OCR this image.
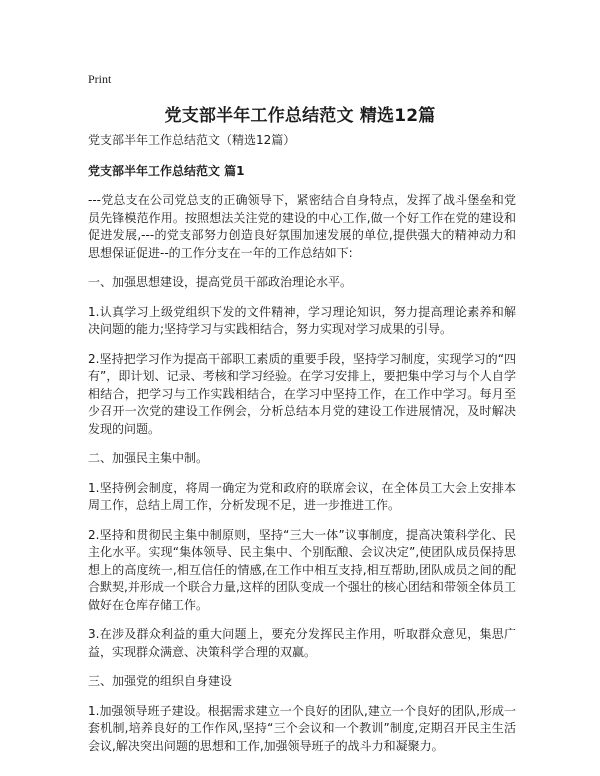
Print
党支部半年工作总结范文 精选12篇

党支部半年工作总结范文（精选12篇）

党支部半年工作总结范文 篇1

---党总支在公司党总支的正确领导下，紧密结合自身特点，发挥了战斗堡垒和党员先锋模范作用。按照想法关注党的建设的中心工作,做一个好工作在党的建设和促进发展,---的党支部努力创造良好氛围加速发展的单位,提供强大的精神动力和思想保证促进--的工作分支在一年的工作总结如下:

一、加强思想建设，提高党员干部政治理论水平。

1.认真学习上级党组织下发的文件精神，学习理论知识，努力提高理论素养和解决问题的能力;坚持学习与实践相结合，努力实现对学习成果的引导。

2.坚持把学习作为提高干部职工素质的重要手段，坚持学习制度，实现学习的“四有”，即计划、记录、考核和学习经验。在学习安排上，要把集中学习与个人自学相结合，把学习与工作实践相结合，在学习中坚持工作，在工作中学习。每月至少召开一次党的建设工作例会，分析总结本月党的建设工作进展情况，及时解决发现的问题。

二、加强民主集中制。

1.坚持例会制度，将周一确定为党和政府的联席会议，在全体员工大会上安排本周工作，总结上周工作，分析发现不足，进一步推进工作。

2.坚持和贯彻民主集中制原则，坚持“三大一体”议事制度，提高决策科学化、民主化水平。实现“集体领导、民主集中、个别酝酿、会议决定”,使团队成员保持思想上的高度统一,相互信任的情感,在工作中相互支持,相互帮助,团队成员之间的配合默契,并形成一个联合力量,这样的团队变成一个强壮的核心团结和带领全体员工做好在仓库存储工作。

3.在涉及群众利益的重大问题上，要充分发挥民主作用，听取群众意见，集思广益，实现群众满意、决策科学合理的双赢。

三、加强党的组织自身建设

1.加强领导班子建设。根据需求建立一个良好的团队,建立一个良好的团队,形成一套机制,培养良好的工作作风,坚持“三个会议和一个教训”制度,定期召开民主生活会议,解决突出问题的思想和工作,加强领导班子的战斗力和凝聚力。
